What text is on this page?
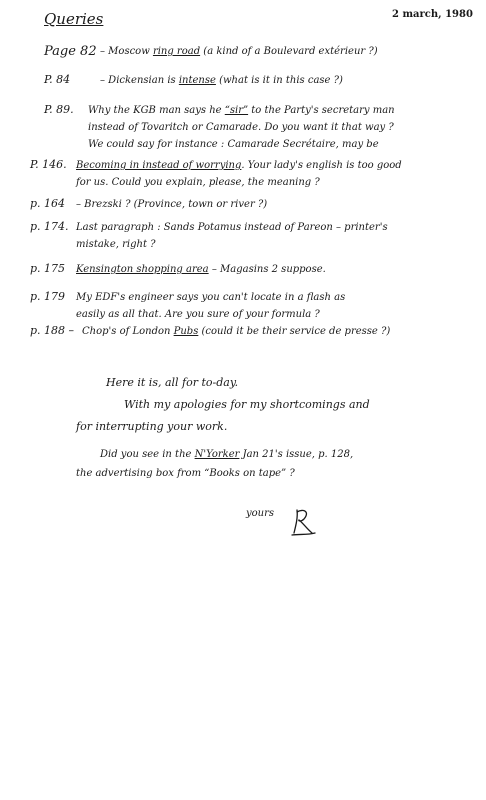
Queries	2 march, 1980
Page 82 – Moscow ring road (a kind of a Boulevard extérieur ?)
P. 84	– Dickensian is intense (what is it in this case ?)
P. 89. Why the KGB man says he “sir” to the Party's secretary man
instead of Tovaritch or Camarade. Do you want it that way ?
We could say for instance : Camarade Secrétaire, may be
P. 146. Becoming in instead of worrying. Your lady's english is too good
for us. Could you explain, please, the meaning ?
p. 164 – Brezski ? (Province, town or river ?)
p. 174. Last paragraph : Sands Potamus instead of Pareon – printer's
mistake, right ?
p. 175 Kensington shopping area – Magasins 2 suppose.
p. 179 My EDF's engineer says you can't locate in a flash as
easily as all that. Are you sure of your formula ?
p. 188 – Chop's of London Pubs (could it be their service de presse ?)
Here it is, all for to-day.
With my apologies for my shortcomings and
for interrupting your work.
Did you see in the N'Yorker Jan 21's issue, p. 128,
the advertising box from “Books on tape” ?
yours
